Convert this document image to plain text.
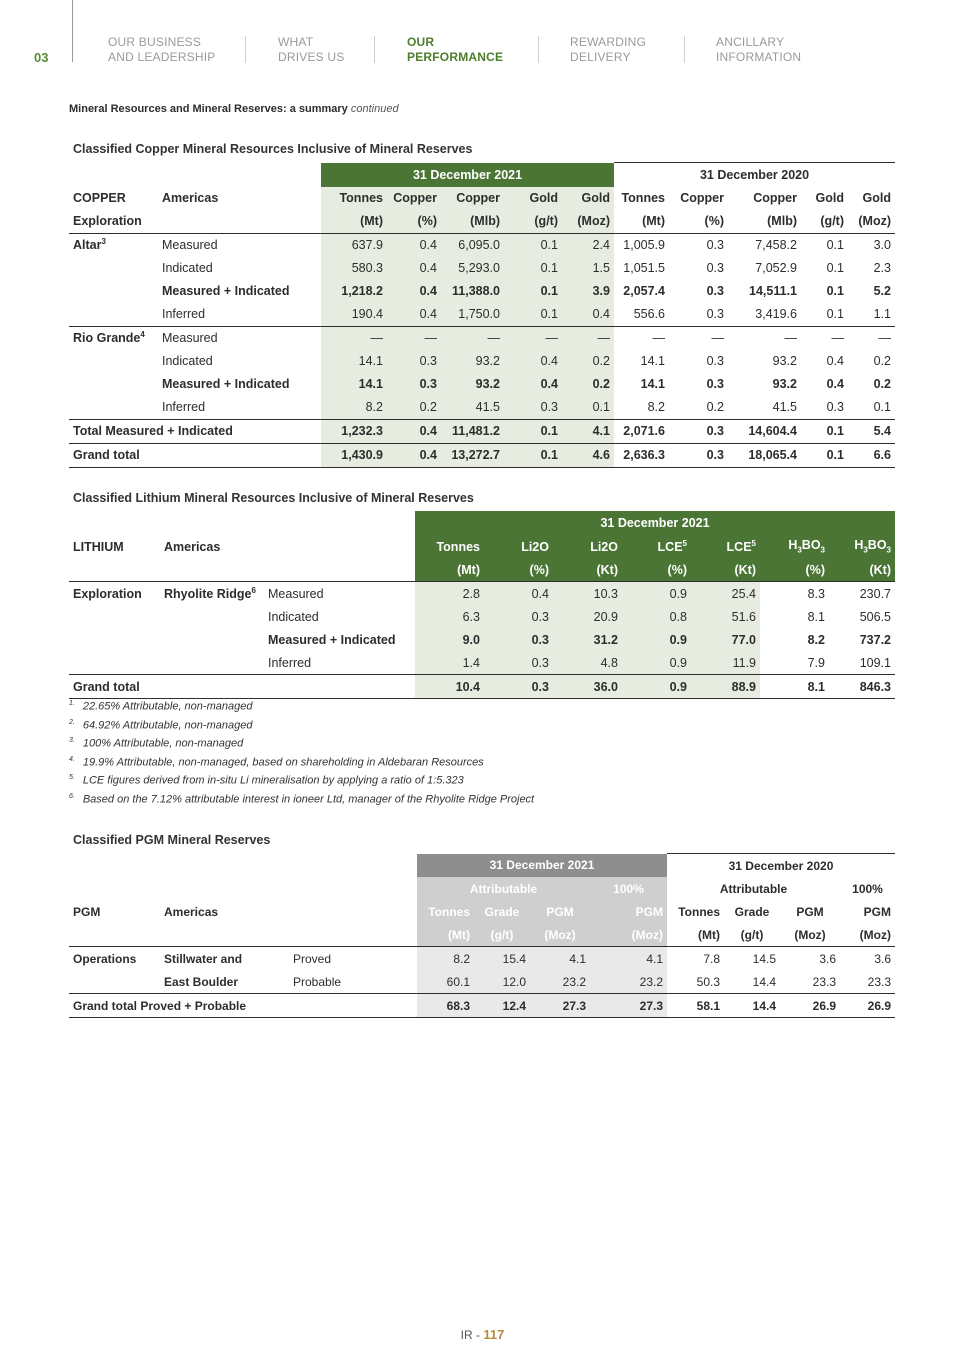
03
OUR BUSINESS
AND LEADERSHIP
WHAT
DRIVES US
OUR
PERFORMANCE
REWARDING
DELIVERY
ANCILLARY
INFORMATION
Mineral Resources and Mineral Reserves: a summary continued
Classified Copper Mineral Resources Inclusive of Mineral Reserves
		31 December 2021					31 December 2020				
COPPER	Americas	Tonnes	Copper	Copper	Gold	Gold	Tonnes	Copper	Copper	Gold	Gold
Exploration		(Mt)	(%)	(Mlb)	(g/t)	(Moz)	(Mt)	(%)	(Mlb)	(g/t)	(Moz)
Altar$^3$	Measured	637.9	0.4	6,095.0	0.1	2.4	1,005.9	0.3	7,458.2	0.1	3.0
	Indicated	580.3	0.4	5,293.0	0.1	1.5	1,051.5	0.3	7,052.9	0.1	2.3
	Measured + Indicated	1,218.2	0.4	11,388.0	0.1	3.9	2,057.4	0.3	14,511.1	0.1	5.2
	Inferred	190.4	0.4	1,750.0	0.1	0.4	556.6	0.3	3,419.6	0.1	1.1
Rio Grande$^4$	Measured	—	—	—	—	—	—	—	—	—	—
	Indicated	14.1	0.3	93.2	0.4	0.2	14.1	0.3	93.2	0.4	0.2
	Measured + Indicated	14.1	0.3	93.2	0.4	0.2	14.1	0.3	93.2	0.4	0.2
	Inferred	8.2	0.2	41.5	0.3	0.1	8.2	0.2	41.5	0.3	0.1
Total Measured + Indicated		1,232.3	0.4	11,481.2	0.1	4.1	2,071.6	0.3	14,604.4	0.1	5.4
Grand total		1,430.9	0.4	13,272.7	0.1	4.6	2,636.3	0.3	18,065.4	0.1	6.6
Classified Lithium Mineral Resources Inclusive of Mineral Reserves
			31 December 2021						
LITHIUM	Americas		Tonnes	Li2O	Li2O	LCE$^5$	LCE$^5$	$H_3BO_3$	$H_3BO_3$
			(Mt)	(%)	(Kt)	(%)	(Kt)	(%)	(Kt)
Exploration	Rhyolite Ridge$^6$	Measured	2.8	0.4	10.3	0.9	25.4	8.3	230.7
		Indicated	6.3	0.3	20.9	0.8	51.6	8.1	506.5
		Measured + Indicated	9.0	0.3	31.2	0.9	77.0	8.2	737.2
		Inferred	1.4	0.3	4.8	0.9	11.9	7.9	109.1
Grand total			10.4	0.3	36.0	0.9	88.9	8.1	846.3
$^{1.}$ 22.65% Attributable, non-managed
$^{2.}$ 64.92% Attributable, non-managed
$^{3.}$ 100% Attributable, non-managed
$^{4.}$ 19.9% Attributable, non-managed, based on shareholding in Aldebaran Resources
$^{5.}$ LCE figures derived from in-situ Li mineralisation by applying a ratio of 1:5.323
$^{6.}$ Based on the 7.12% attributable interest in ioneer Ltd, manager of the Rhyolite Ridge Project
Classified PGM Mineral Reserves
			31 December 2021				31 December 2020			
			Attributable			100%	Attributable			100%
PGM	Americas		Tonnes	Grade	PGM	PGM	Tonnes	Grade	PGM	PGM
			(Mt)	(g/t)	(Moz)	(Moz)	(Mt)	(g/t)	(Moz)	(Moz)
Operations	Stillwater and	Proved	8.2	15.4	4.1	4.1	7.8	14.5	3.6	3.6
	East Boulder	Probable	60.1	12.0	23.2	23.2	50.3	14.4	23.3	23.3
Grand total Proved + Probable			68.3	12.4	27.3	27.3	58.1	14.4	26.9	26.9
IR - 117
